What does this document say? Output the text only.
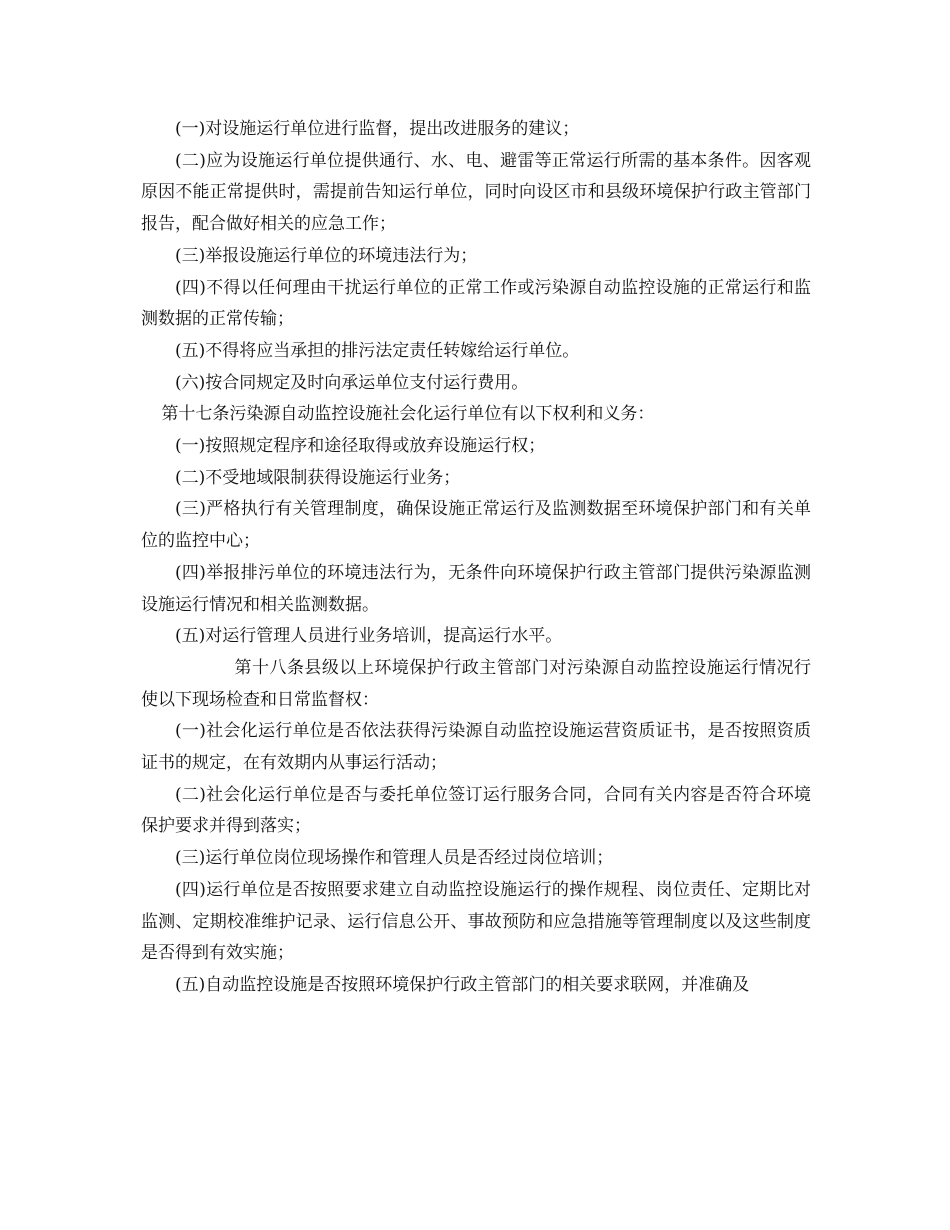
(一)对设施运行单位进行监督，提出改进服务的建议；

(二)应为设施运行单位提供通行、水、电、避雷等正常运行所需的基本条件。因客观原因不能正常提供时，需提前告知运行单位，同时向设区市和县级环境保护行政主管部门报告，配合做好相关的应急工作；

(三)举报设施运行单位的环境违法行为；

(四)不得以任何理由干扰运行单位的正常工作或污染源自动监控设施的正常运行和监测数据的正常传输；

(五)不得将应当承担的排污法定责任转嫁给运行单位。

(六)按合同规定及时向承运单位支付运行费用。

第十七条污染源自动监控设施社会化运行单位有以下权利和义务：

(一)按照规定程序和途径取得或放弃设施运行权；

(二)不受地域限制获得设施运行业务；

(三)严格执行有关管理制度，确保设施正常运行及监测数据至环境保护部门和有关单位的监控中心；

(四)举报排污单位的环境违法行为，无条件向环境保护行政主管部门提供污染源监测设施运行情况和相关监测数据。

(五)对运行管理人员进行业务培训，提高运行水平。

第十八条县级以上环境保护行政主管部门对污染源自动监控设施运行情况行使以下现场检查和日常监督权：

(一)社会化运行单位是否依法获得污染源自动监控设施运营资质证书，是否按照资质证书的规定，在有效期内从事运行活动；

(二)社会化运行单位是否与委托单位签订运行服务合同，合同有关内容是否符合环境保护要求并得到落实；

(三)运行单位岗位现场操作和管理人员是否经过岗位培训；

(四)运行单位是否按照要求建立自动监控设施运行的操作规程、岗位责任、定期比对监测、定期校准维护记录、运行信息公开、事故预防和应急措施等管理制度以及这些制度是否得到有效实施；

(五)自动监控设施是否按照环境保护行政主管部门的相关要求联网，并准确及
